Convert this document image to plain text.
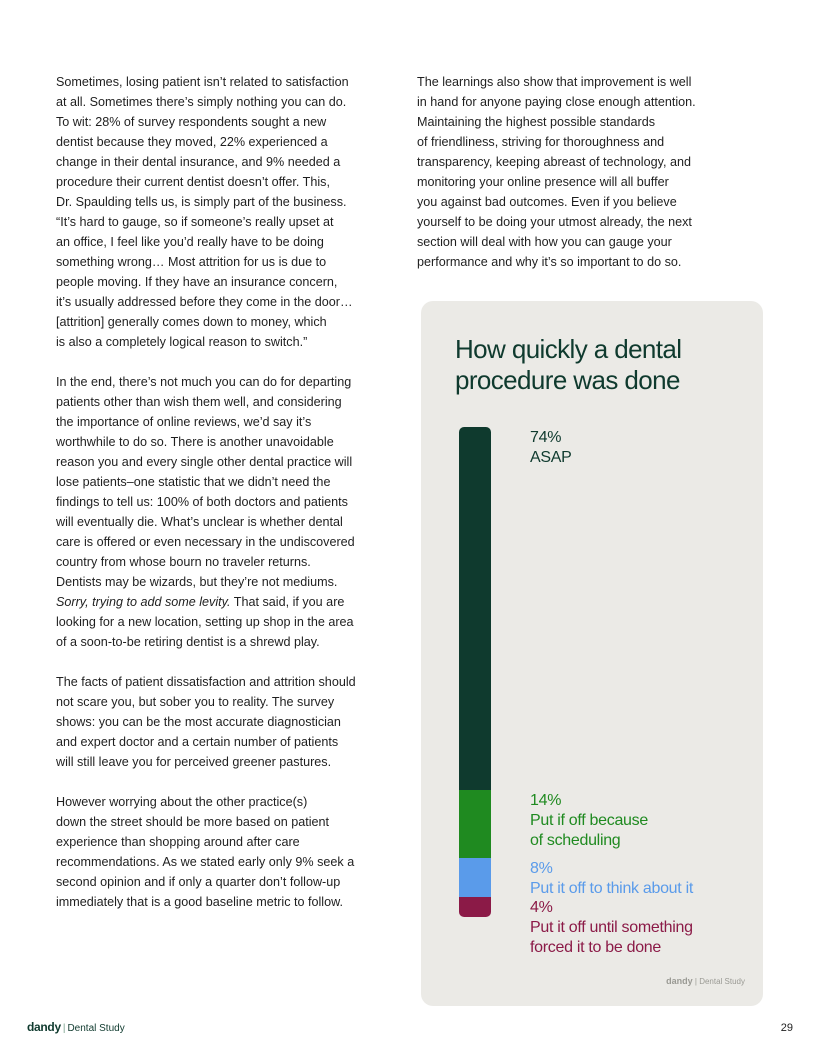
Sometimes, losing patient isn’t related to satisfaction
at all. Sometimes there’s simply nothing you can do.
To wit: 28% of survey respondents sought a new
dentist because they moved, 22% experienced a
change in their dental insurance, and 9% needed a
procedure their current dentist doesn’t offer. This,
Dr. Spaulding tells us, is simply part of the business.
“It’s hard to gauge, so if someone’s really upset at
an office, I feel like you’d really have to be doing
something wrong… Most attrition for us is due to
people moving. If they have an insurance concern,
it’s usually addressed before they come in the door…
[attrition] generally comes down to money, which
is also a completely logical reason to switch.”

In the end, there’s not much you can do for departing
patients other than wish them well, and considering
the importance of online reviews, we’d say it’s
worthwhile to do so. There is another unavoidable
reason you and every single other dental practice will
lose patients–one statistic that we didn’t need the
findings to tell us: 100% of both doctors and patients
will eventually die. What’s unclear is whether dental
care is offered or even necessary in the undiscovered
country from whose bourn no traveler returns.
Dentists may be wizards, but they’re not mediums.
Sorry, trying to add some levity. That said, if you are
looking for a new location, setting up shop in the area
of a soon-to-be retiring dentist is a shrewd play.

The facts of patient dissatisfaction and attrition should
not scare you, but sober you to reality. The survey
shows: you can be the most accurate diagnostician
and expert doctor and a certain number of patients
will still leave you for perceived greener pastures.

However worrying about the other practice(s)
down the street should be more based on patient
experience than shopping around after care
recommendations. As we stated early only 9% seek a
second opinion and if only a quarter don’t follow-up
immediately that is a good baseline metric to follow.

The learnings also show that improvement is well
in hand for anyone paying close enough attention.
Maintaining the highest possible standards
of friendliness, striving for thoroughness and
transparency, keeping abreast of technology, and
monitoring your online presence will all buffer
you against bad outcomes. Even if you believe
yourself to be doing your utmost already, the next
section will deal with how you can gauge your
performance and why it’s so important to do so.

How quickly a dental
procedure was done
74%
ASAP
14%
Put if off because
of scheduling
8%
Put it off to think about it
4%
Put it off until something
forced it to be done
dandy | Dental Study
dandy | Dental Study	29
